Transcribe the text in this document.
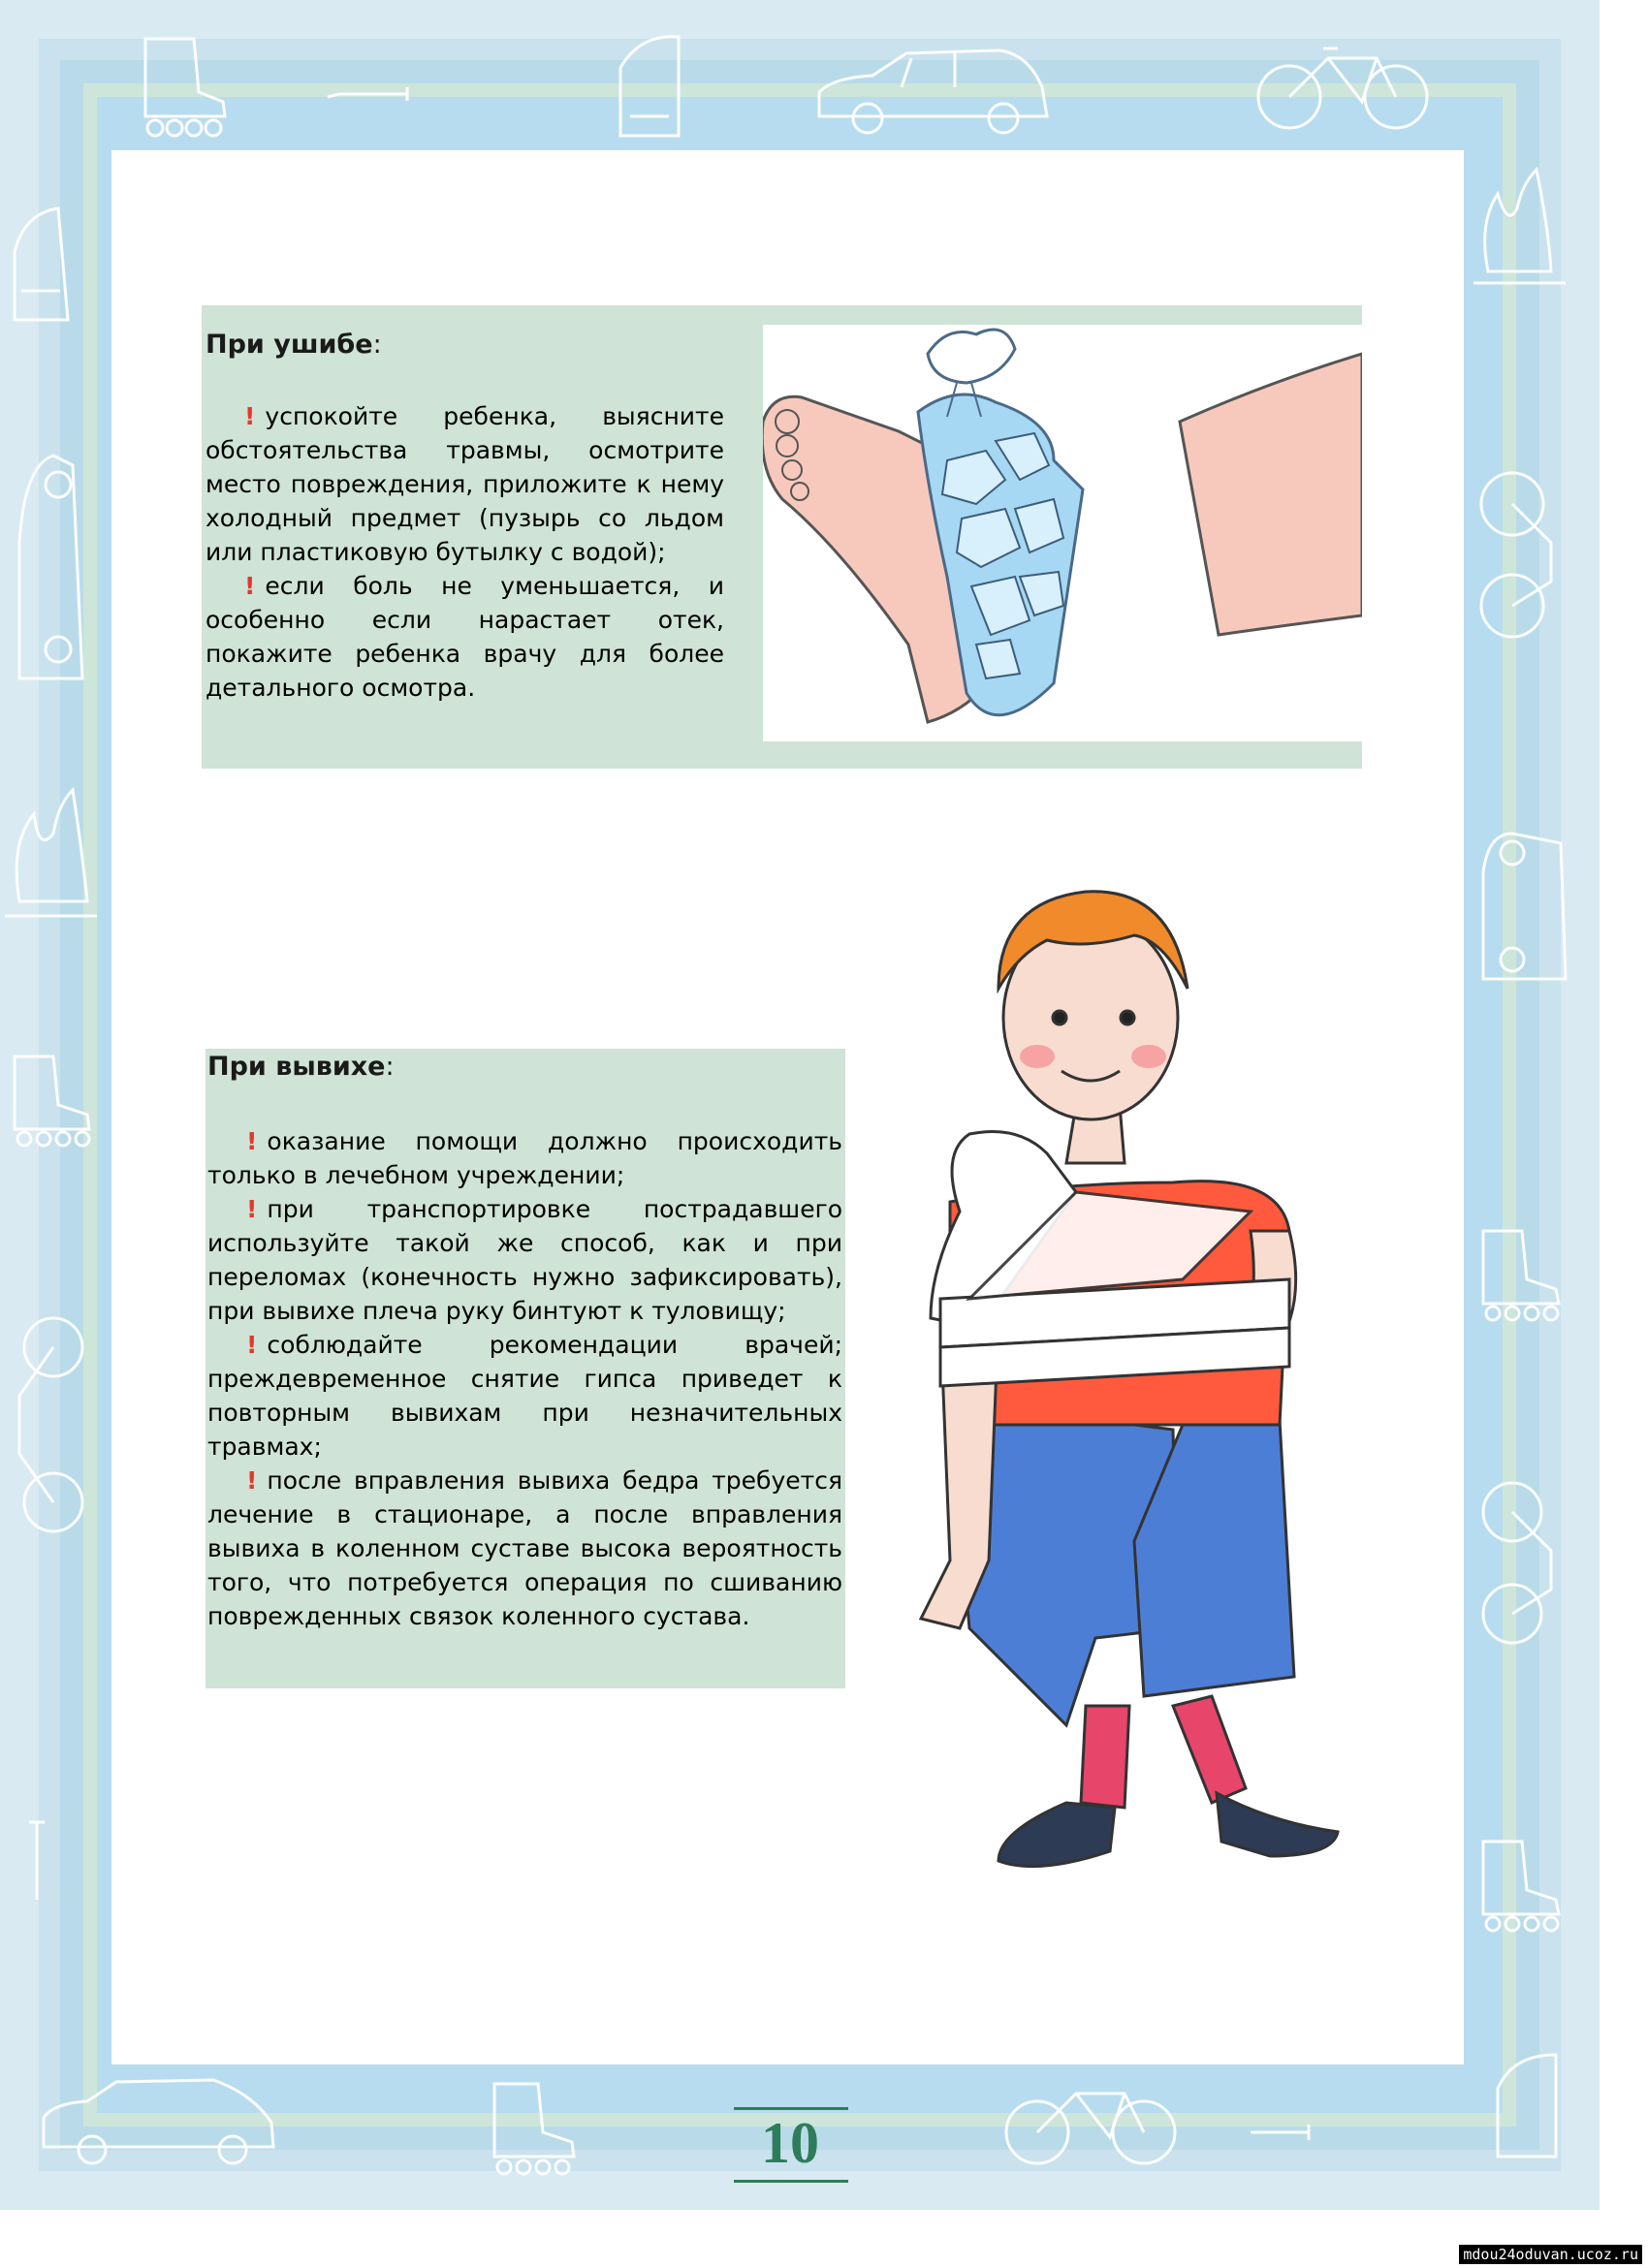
При ушибе:

! успокойте ребенка, выясните обстоятельства травмы, осмотрите место повреждения, приложите к нему холодный предмет (пузырь со льдом или пластиковую бутылку с водой);

! если боль не уменьшается, и особенно если нарастает отек, покажите ребенка врачу для более детального осмотра.

При вывихе:

! оказание помощи должно происходить только в лечебном учреждении;

! при транспортировке пострадавшего используйте такой же способ, как и при переломах (конечность нужно зафиксировать), при вывихе плеча руку бинтуют к туловищу;

! соблюдайте рекомендации врачей; преждевременное снятие гипса приведет к повторным вывихам при незначительных травмах;

! после вправления вывиха бедра требуется лечение в стационаре, а после вправления вывиха в коленном суставе высока вероятность того, что потребуется операция по сшиванию поврежденных связок коленного сустава.

10
mdou24oduvan.ucoz.ru
